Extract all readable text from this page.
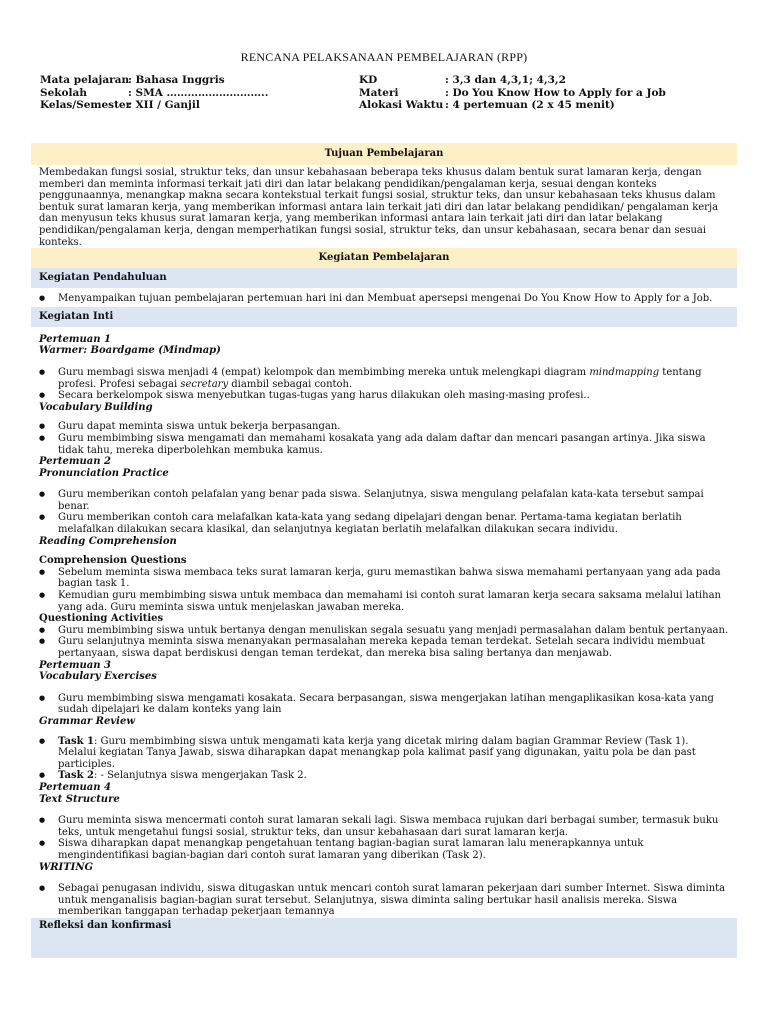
RENCANA PELAKSANAAN PEMBELAJARAN (RPP)
Mata pelajaran: Bahasa Inggris
Sekolah	: SMA ………………………..
Kelas/Semester: XII / Ganjil
KD	: 3,3 dan 4,3,1; 4,3,2
Materi	: Do You Know How to Apply for a Job
Alokasi Waktu : 4 pertemuan (2 x 45 menit)
Tujuan Pembelajaran
Membedakan fungsi sosial, struktur teks, dan unsur kebahasaan beberapa teks khusus dalam bentuk surat lamaran kerja, dengan memberi dan meminta informasi terkait jati diri dan latar belakang pendidikan/pengalaman kerja, sesuai dengan konteks penggunaannya, menangkap makna secara kontekstual terkait fungsi sosial, struktur teks, dan unsur kebahasaan teks khusus dalam bentuk surat lamaran kerja, yang memberikan informasi antara lain terkait jati diri dan latar belakang pendidikan/ pengalaman kerja dan menyusun teks khusus surat lamaran kerja, yang memberikan informasi antara lain terkait jati diri dan latar belakang pendidikan/pengalaman kerja, dengan memperhatikan fungsi sosial, struktur teks, dan unsur kebahasaan, secara benar dan sesuai konteks.
Kegiatan Pembelajaran
Kegiatan Pendahuluan
● Menyampaikan tujuan pembelajaran pertemuan hari ini dan Membuat apersepsi mengenai Do You Know How to Apply for a Job.
Kegiatan Inti
Pertemuan 1
Warmer: Boardgame (Mindmap)
● Guru membagi siswa menjadi 4 (empat) kelompok dan membimbing mereka untuk melengkapi diagram mindmapping tentang profesi. Profesi sebagai secretary diambil sebagai contoh.
● Secara berkelompok siswa menyebutkan tugas-tugas yang harus dilakukan oleh masing-masing profesi..
Vocabulary Building
● Guru dapat meminta siswa untuk bekerja berpasangan.
● Guru membimbing siswa mengamati dan memahami kosakata yang ada dalam daftar dan mencari pasangan artinya. Jika siswa tidak tahu, mereka diperbolehkan membuka kamus.
Pertemuan 2
Pronunciation Practice
● Guru memberikan contoh pelafalan yang benar pada siswa. Selanjutnya, siswa mengulang pelafalan kata-kata tersebut sampai benar.
● Guru memberikan contoh cara melafalkan kata-kata yang sedang dipelajari dengan benar. Pertama-tama kegiatan berlatih melafalkan dilakukan secara klasikal, dan selanjutnya kegiatan berlatih melafalkan dilakukan secara individu.
Reading Comprehension
Comprehension Questions
● Sebelum meminta siswa membaca teks surat lamaran kerja, guru memastikan bahwa siswa memahami pertanyaan yang ada pada bagian task 1.
● Kemudian guru membimbing siswa untuk membaca dan memahami isi contoh surat lamaran kerja secara saksama melalui latihan yang ada. Guru meminta siswa untuk menjelaskan jawaban mereka.
Questioning Activities
● Guru membimbing siswa untuk bertanya dengan menuliskan segala sesuatu yang menjadi permasalahan dalam bentuk pertanyaan.
● Guru selanjutnya meminta siswa menanyakan permasalahan mereka kepada teman terdekat. Setelah secara individu membuat pertanyaan, siswa dapat berdiskusi dengan teman terdekat, dan mereka bisa saling bertanya dan menjawab.
Pertemuan 3
Vocabulary Exercises
● Guru membimbing siswa mengamati kosakata. Secara berpasangan, siswa mengerjakan latihan mengaplikasikan kosa-kata yang sudah dipelajari ke dalam konteks yang lain
Grammar Review
● Task 1: Guru membimbing siswa untuk mengamati kata kerja yang dicetak miring dalam bagian Grammar Review (Task 1). Melalui kegiatan Tanya Jawab, siswa diharapkan dapat menangkap pola kalimat pasif yang digunakan, yaitu pola be dan past participles.
● Task 2: - Selanjutnya siswa mengerjakan Task 2.
Pertemuan 4
Text Structure
● Guru meminta siswa mencermati contoh surat lamaran sekali lagi. Siswa membaca rujukan dari berbagai sumber, termasuk buku teks, untuk mengetahui fungsi sosial, struktur teks, dan unsur kebahasaan dari surat lamaran kerja.
● Siswa diharapkan dapat menangkap pengetahuan tentang bagian-bagian surat lamaran lalu menerapkannya untuk mengindentifikasi bagian-bagian dari contoh surat lamaran yang diberikan (Task 2).
WRITING
● Sebagai penugasan individu, siswa ditugaskan untuk mencari contoh surat lamaran pekerjaan dari sumber Internet. Siswa diminta untuk menganalisis bagian-bagian surat tersebut. Selanjutnya, siswa diminta saling bertukar hasil analisis mereka. Siswa memberikan tanggapan terhadap pekerjaan temannya
Refleksi dan konfirmasi
